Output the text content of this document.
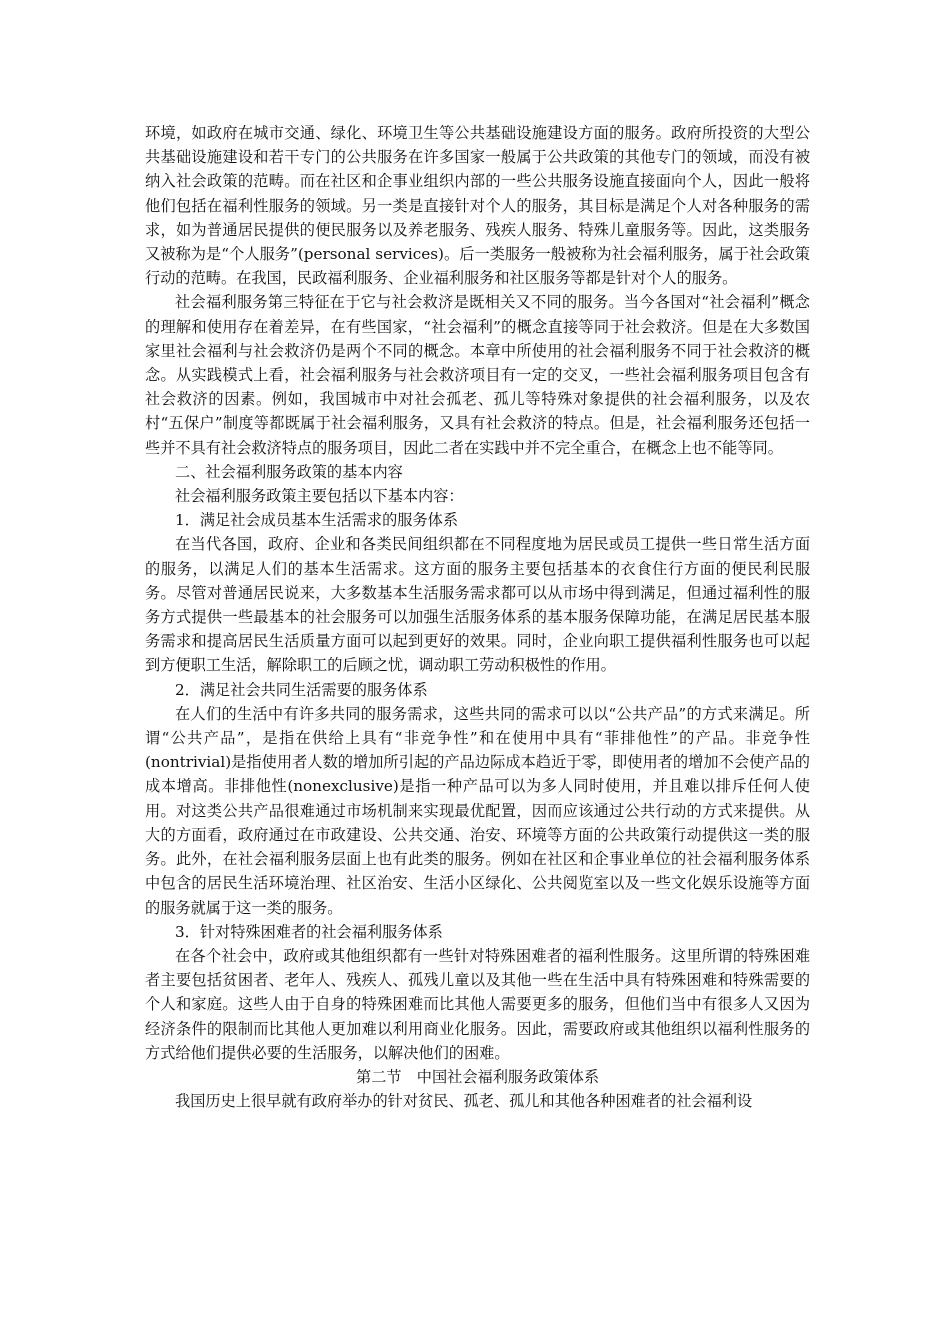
环境，如政府在城市交通、绿化、环境卫生等公共基础设施建设方面的服务。政府所投资的大型公共基础设施建设和若干专门的公共服务在许多国家一般属于公共政策的其他专门的领域，而没有被纳入社会政策的范畴。而在社区和企事业组织内部的一些公共服务设施直接面向个人，因此一般将他们包括在福利性服务的领域。另一类是直接针对个人的服务，其目标是满足个人对各种服务的需求，如为普通居民提供的便民服务以及养老服务、残疾人服务、特殊儿童服务等。因此，这类服务又被称为是“个人服务”(personal services)。后一类服务一般被称为社会福利服务，属于社会政策行动的范畴。在我国，民政福利服务、企业福利服务和社区服务等都是针对个人的服务。

社会福利服务第三特征在于它与社会救济是既相关又不同的服务。当今各国对“社会福利”概念的理解和使用存在着差异，在有些国家，“社会福利”的概念直接等同于社会救济。但是在大多数国家里社会福利与社会救济仍是两个不同的概念。本章中所使用的社会福利服务不同于社会救济的概念。从实践模式上看，社会福利服务与社会救济项目有一定的交叉，一些社会福利服务项目包含有社会救济的因素。例如，我国城市中对社会孤老、孤儿等特殊对象提供的社会福利服务，以及农村“五保户”制度等都既属于社会福利服务，又具有社会救济的特点。但是，社会福利服务还包括一些并不具有社会救济特点的服务项目，因此二者在实践中并不完全重合，在概念上也不能等同。

二、社会福利服务政策的基本内容

社会福利服务政策主要包括以下基本内容：

1．满足社会成员基本生活需求的服务体系

在当代各国，政府、企业和各类民间组织都在不同程度地为居民或员工提供一些日常生活方面的服务，以满足人们的基本生活需求。这方面的服务主要包括基本的衣食住行方面的便民利民服务。尽管对普通居民说来，大多数基本生活服务需求都可以从市场中得到满足，但通过福利性的服务方式提供一些最基本的社会服务可以加强生活服务体系的基本服务保障功能，在满足居民基本服务需求和提高居民生活质量方面可以起到更好的效果。同时，企业向职工提供福利性服务也可以起到方便职工生活，解除职工的后顾之忧，调动职工劳动积极性的作用。

2．满足社会共同生活需要的服务体系

在人们的生活中有许多共同的服务需求，这些共同的需求可以以“公共产品”的方式来满足。所谓“公共产品”，是指在供给上具有“非竞争性”和在使用中具有“菲排他性”的产品。非竞争性(nontrivial)是指使用者人数的增加所引起的产品边际成本趋近于零，即使用者的增加不会使产品的成本增高。非排他性(nonexclusive)是指一种产品可以为多人同时使用，并且难以排斥任何人使用。对这类公共产品很难通过市场机制来实现最优配置，因而应该通过公共行动的方式来提供。从大的方面看，政府通过在市政建设、公共交通、治安、环境等方面的公共政策行动提供这一类的服务。此外，在社会福利服务层面上也有此类的服务。例如在社区和企事业单位的社会福利服务体系中包含的居民生活环境治理、社区治安、生活小区绿化、公共阅览室以及一些文化娱乐设施等方面的服务就属于这一类的服务。

3．针对特殊困难者的社会福利服务体系

在各个社会中，政府或其他组织都有一些针对特殊困难者的福利性服务。这里所谓的特殊困难者主要包括贫困者、老年人、残疾人、孤残儿童以及其他一些在生活中具有特殊困难和特殊需要的个人和家庭。这些人由于自身的特殊困难而比其他人需要更多的服务，但他们当中有很多人又因为经济条件的限制而比其他人更加难以利用商业化服务。因此，需要政府或其他组织以福利性服务的方式给他们提供必要的生活服务，以解决他们的困难。

第二节　中国社会福利服务政策体系

我国历史上很早就有政府举办的针对贫民、孤老、孤儿和其他各种困难者的社会福利设
